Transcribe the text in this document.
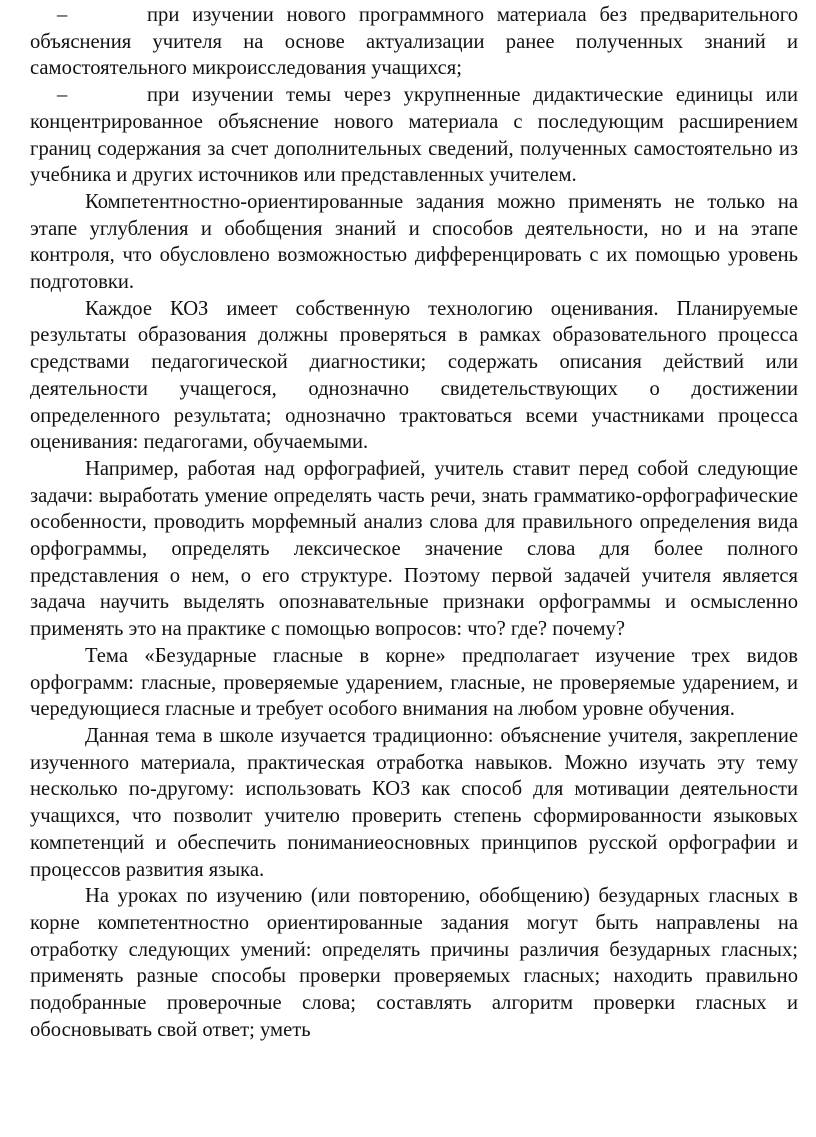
–	при изучении нового программного материала без предварительного объяснения учителя на основе актуализации ранее полученных знаний и самостоятельного микроисследования учащихся;

–	при изучении темы через укрупненные дидактические единицы или концентрированное объяснение нового материала с последующим расширением границ содержания за счет дополнительных сведений, полученных самостоятельно из учебника и других источников или представленных учителем.

Компетентностно-ориентированные задания можно применять не только на этапе углубления и обобщения знаний и способов деятельности, но и на этапе контроля, что обусловлено возможностью дифференцировать с их помощью уровень подготовки.

Каждое КОЗ имеет собственную технологию оценивания. Планируемые результаты образования должны проверяться в рамках образовательного процесса средствами педагогической диагностики; содержать описания действий или деятельности учащегося, однозначно свидетельствующих о достижении определенного результата; однозначно трактоваться всеми участниками процесса оценивания: педагогами, обучаемыми.

Например, работая над орфографией, учитель ставит перед собой следующие задачи: выработать умение определять часть речи, знать грамматико-орфографические особенности, проводить морфемный анализ слова для правильного определения вида орфограммы, определять лексическое значение слова для более полного представления о нем, о его структуре. Поэтому первой задачей учителя является задача научить выделять опознавательные признаки орфограммы и осмысленно применять это на практике с помощью вопросов: что? где? почему?

Тема «Безударные гласные в корне» предполагает изучение трех видов орфограмм: гласные, проверяемые ударением, гласные, не проверяемые ударением, и чередующиеся гласные и требует особого внимания на любом уровне обучения.

Данная тема в школе изучается традиционно: объяснение учителя, закрепление изученного материала, практическая отработка навыков. Можно изучать эту тему несколько по-другому: использовать КОЗ как способ для мотивации деятельности учащихся, что позволит учителю проверить степень сформированности языковых компетенций и обеспечить пониманиеосновных принципов русской орфографии и процессов развития языка.

На уроках по изучению (или повторению, обобщению) безударных гласных в корне компетентностно ориентированные задания могут быть направлены на отработку следующих умений: определять причины различия безударных гласных; применять разные способы проверки проверяемых гласных; находить правильно подобранные проверочные слова; составлять алгоритм проверки гласных и обосновывать свой ответ; уметь
